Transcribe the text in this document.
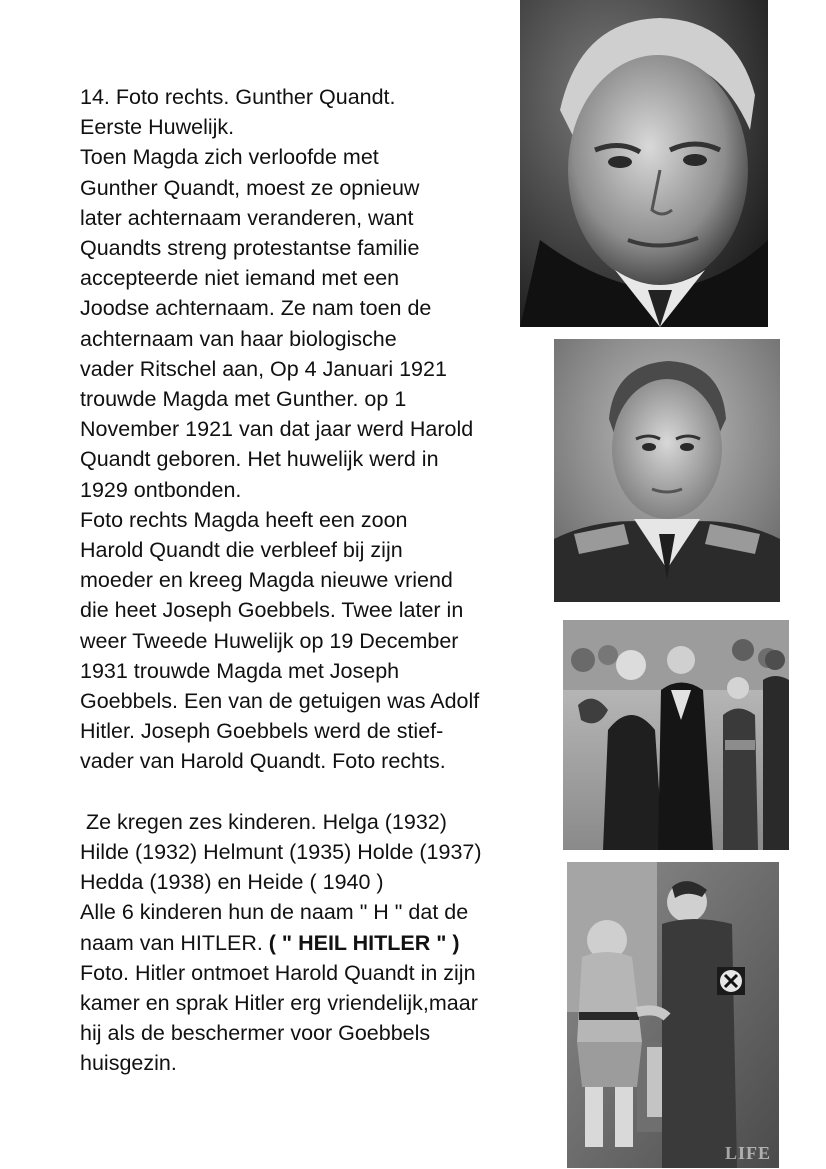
14. Foto rechts. Gunther Quandt.
Eerste Huwelijk.
Toen Magda zich verloofde met
Gunther Quandt, moest ze opnieuw
later achternaam veranderen, want
Quandts streng protestantse familie
accepteerde niet iemand met een
Joodse achternaam. Ze nam toen de
achternaam van haar biologische
vader Ritschel aan, Op 4 Januari 1921
trouwde Magda met Gunther. op 1
November 1921 van dat jaar werd Harold
Quandt geboren. Het huwelijk werd in
1929 ontbonden.
Foto rechts Magda heeft een zoon
Harold Quandt die verbleef bij zijn
moeder en kreeg Magda nieuwe vriend
die heet Joseph Goebbels. Twee later in
weer Tweede Huwelijk op 19 December
1931 trouwde Magda met Joseph
Goebbels. Een van de getuigen was Adolf
Hitler. Joseph Goebbels werd de stief-
vader van Harold Quandt. Foto rechts.
Ze kregen zes kinderen. Helga (1932)
Hilde (1932) Helmunt (1935) Holde (1937)
Hedda (1938) en Heide ( 1940 )
Alle 6 kinderen hun de naam " H " dat de
naam van HITLER. ( " HEIL HITLER " )
Foto. Hitler ontmoet Harold Quandt in zijn
kamer en sprak Hitler erg vriendelijk,maar
hij als de beschermer voor Goebbels
huisgezin.
LIFE
